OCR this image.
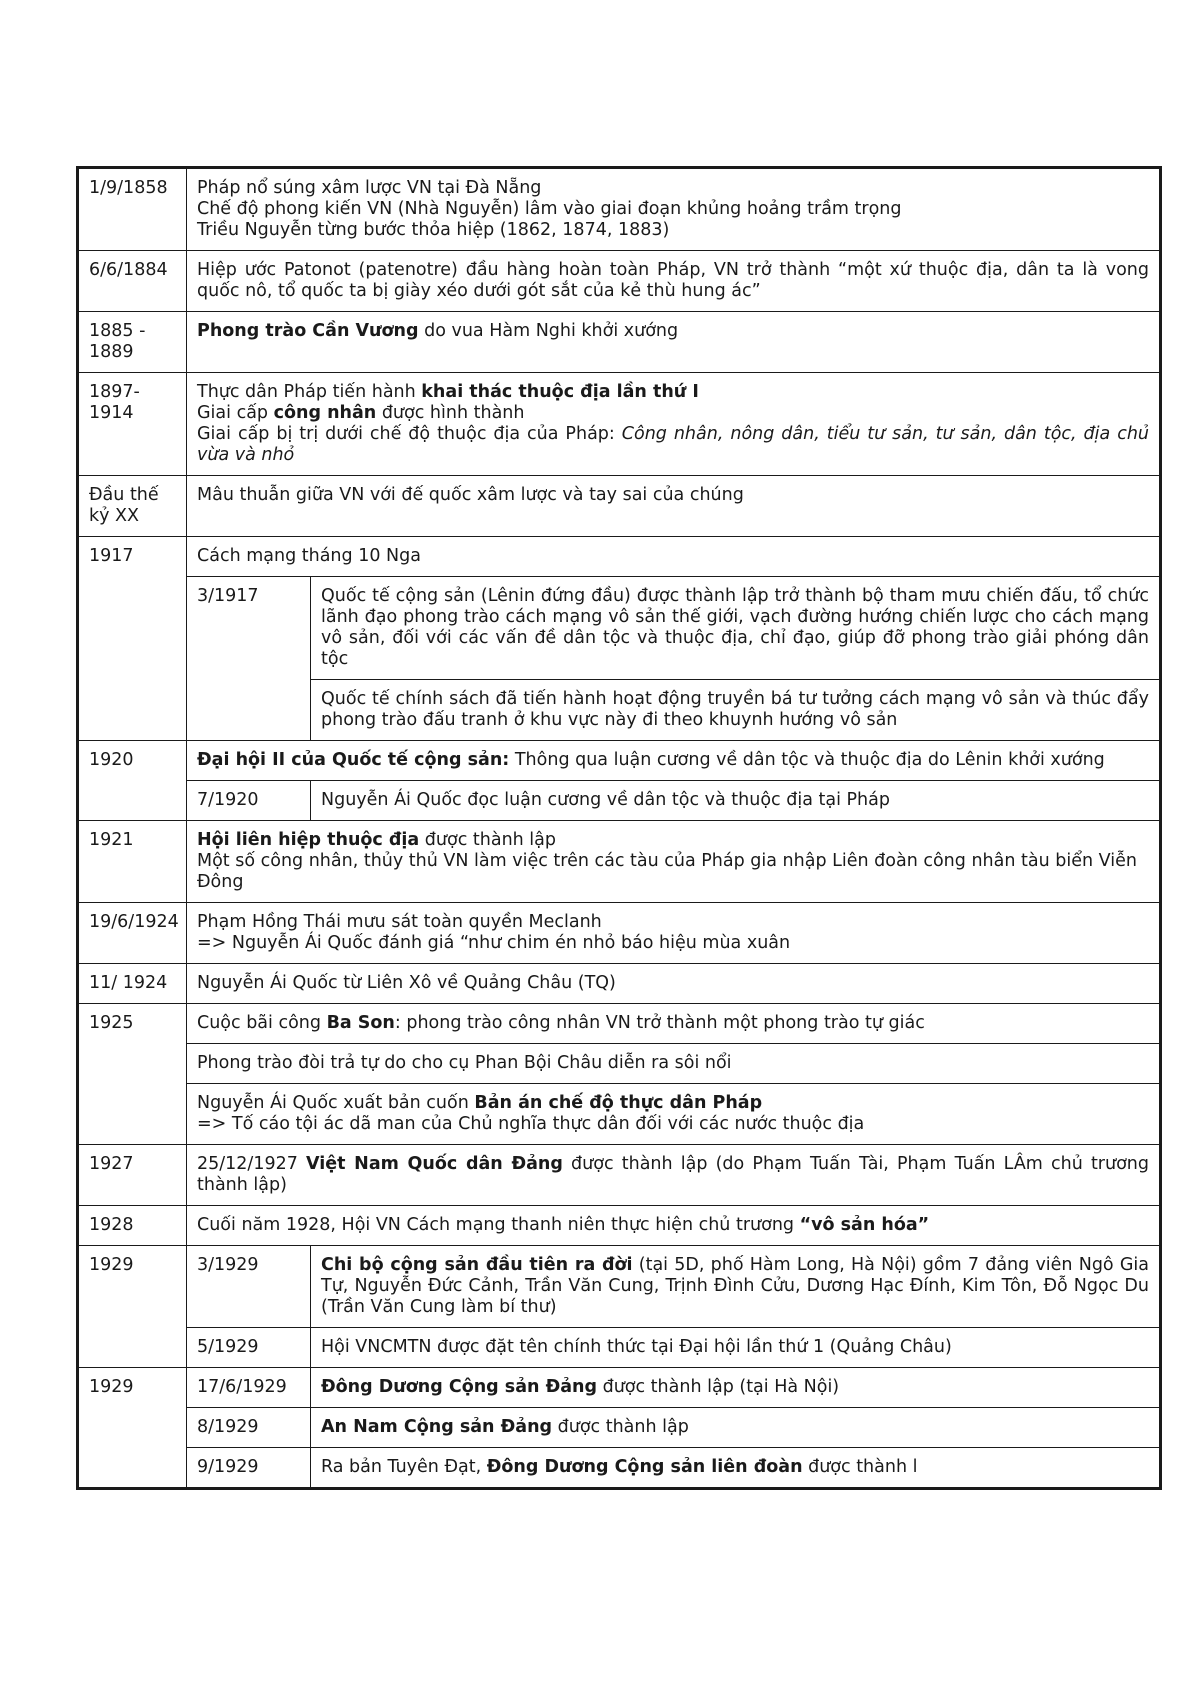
1/9/1858	Pháp nổ súng xâm lược VN tại Đà Nẵng
Chế độ phong kiến VN (Nhà Nguyễn) lâm vào giai đoạn khủng hoảng trầm trọng
Triều Nguyễn từng bước thỏa hiệp (1862, 1874, 1883)	

6/6/1884	Hiệp ước Patonot (patenotre) đầu hàng hoàn toàn Pháp, VN trở thành “một xứ thuộc địa, dân ta là vong quốc nô, tổ quốc ta bị giày xéo dưới gót sắt của kẻ thù hung ác”	
1885 - 1889	Phong trào Cần Vương do vua Hàm Nghi khởi xướng	
1897-1914	Thực dân Pháp tiến hành khai thác thuộc địa lần thứ I
Giai cấp công nhân được hình thành
Giai cấp bị trị dưới chế độ thuộc địa của Pháp: Công nhân, nông dân, tiểu tư sản, tư sản, dân tộc, địa chủ vừa và nhỏ	

Đầu thế kỷ XX	Mâu thuẫn giữa VN với đế quốc xâm lược và tay sai của chúng	
1917	Cách mạng tháng 10 Nga	
	3/1917	Quốc tế cộng sản (Lênin đứng đầu) được thành lập trở thành bộ tham mưu chiến đấu, tổ chức lãnh đạo phong trào cách mạng vô sản thế giới, vạch đường hướng chiến lược cho cách mạng vô sản, đối với các vấn đề dân tộc và thuộc địa, chỉ đạo, giúp đỡ phong trào giải phóng dân tộc
		Quốc tế chính sách đã tiến hành hoạt động truyền bá tư tưởng cách mạng vô sản và thúc đẩy phong trào đấu tranh ở khu vực này đi theo khuynh hướng vô sản
1920	Đại hội II của Quốc tế cộng sản: Thông qua luận cương về dân tộc và thuộc địa do Lênin khởi xướng	
	7/1920	Nguyễn Ái Quốc đọc luận cương về dân tộc và thuộc địa tại Pháp
1921	Hội liên hiệp thuộc địa được thành lập
Một số công nhân, thủy thủ VN làm việc trên các tàu của Pháp gia nhập Liên đoàn công nhân tàu biển Viễn Đông	

19/6/1924	Phạm Hồng Thái mưu sát toàn quyền Meclanh
=> Nguyễn Ái Quốc đánh giá “như chim én nhỏ báo hiệu mùa xuân	

11/ 1924	Nguyễn Ái Quốc từ Liên Xô về Quảng Châu (TQ)	
1925	Cuộc bãi công Ba Son: phong trào công nhân VN trở thành một phong trào tự giác	
	Phong trào đòi trả tự do cho cụ Phan Bội Châu diễn ra sôi nổi	

	Nguyễn Ái Quốc xuất bản cuốn Bản án chế độ thực dân Pháp
=> Tố cáo tội ác dã man của Chủ nghĩa thực dân đối với các nước thuộc địa	

1927	25/12/1927 Việt Nam Quốc dân Đảng được thành lập (do Phạm Tuấn Tài, Phạm Tuấn LÂm chủ trương thành lập)	
1928	Cuối năm 1928, Hội VN Cách mạng thanh niên thực hiện chủ trương “vô sản hóa”	
1929	3/1929	Chi bộ cộng sản đầu tiên ra đời (tại 5D, phố Hàm Long, Hà Nội) gồm 7 đảng viên Ngô Gia Tự, Nguyễn Đức Cảnh, Trần Văn Cung, Trịnh Đình Cửu, Dương Hạc Đính, Kim Tôn, Đỗ Ngọc Du (Trần Văn Cung làm bí thư)
	5/1929	Hội VNCMTN được đặt tên chính thức tại Đại hội lần thứ 1 (Quảng Châu)
1929	17/6/1929	Đông Dương Cộng sản Đảng được thành lập (tại Hà Nội)
	8/1929	An Nam Cộng sản Đảng được thành lập
	9/1929	Ra bản Tuyên Đạt, Đông Dương Cộng sản liên đoàn được thành l
